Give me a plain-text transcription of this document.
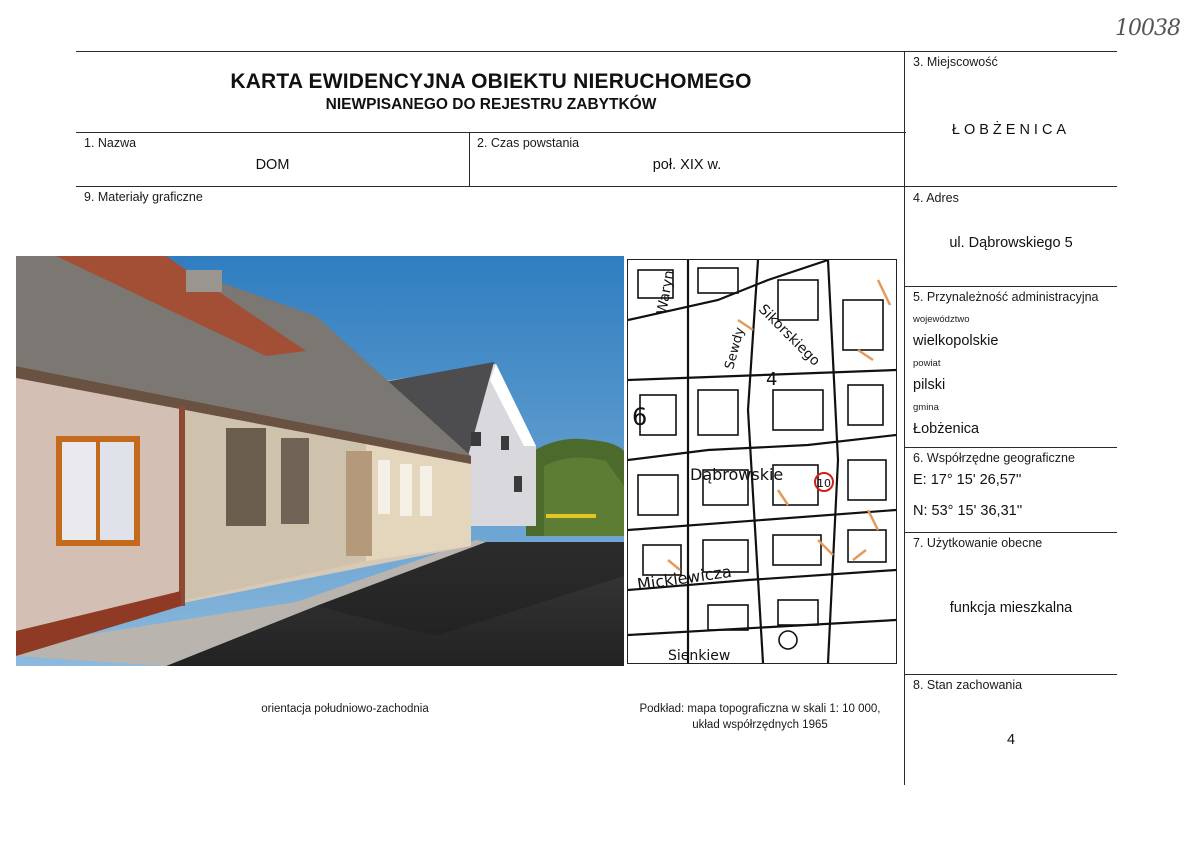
10038
KARTA EWIDENCYJNA OBIEKTU NIERUCHOMEGO
NIEWPISANEGO DO REJESTRU ZABYTKÓW
1. Nazwa
DOM
2. Czas powstania
poł. XIX w.
3. Miejscowość
ŁOBŻENICA
9. Materiały graficzne	4. Adres
ul. Dąbrowskiego 5
5. Przynależność administracyjna
województwo
wielkopolskie
powiat
pilski
gmina
Łobżenica
6. Współrzędne geograficzne
E: 17° 15' 26,57''
N: 53° 15' 36,31''
7. Użytkowanie obecne
funkcja mieszkalna
8. Stan zachowania
4
Dąbrowskie
Mickiewicza
Sienkiew
Sikorskiego
Waryn
Sewdy
4
6
10
orientacja południowo-zachodnia	Podkład: mapa topograficzna w skali 1: 10 000,
układ współrzędnych 1965
